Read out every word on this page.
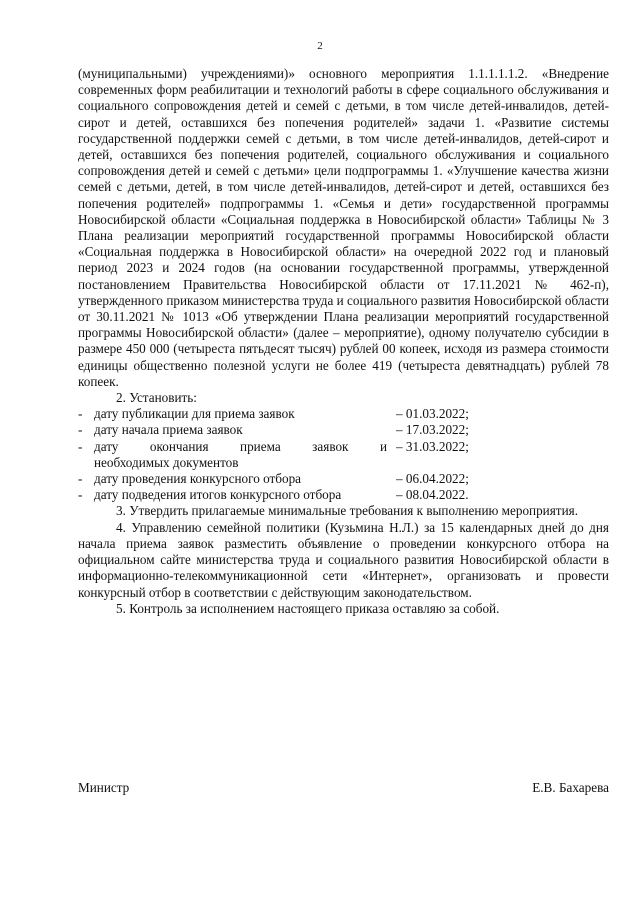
2

(муниципальными) учреждениями)» основного мероприятия 1.1.1.1.1.2. «Внедрение современных форм реабилитации и технологий работы в сфере социального обслуживания и социального сопровождения детей и семей с детьми, в том числе детей-инвалидов, детей-сирот и детей, оставшихся без попечения родителей» задачи 1. «Развитие системы государственной поддержки семей с детьми, в том числе детей-инвалидов, детей-сирот и детей, оставшихся без попечения родителей, социального обслуживания и социального сопровождения детей и семей с детьми» цели подпрограммы 1. «Улучшение качества жизни семей с детьми, детей, в том числе детей-инвалидов, детей-сирот и детей, оставшихся без попечения родителей» подпрограммы 1. «Семья и дети» государственной программы Новосибирской области «Социальная поддержка в Новосибирской области» Таблицы № 3 Плана реализации мероприятий государственной программы Новосибирской области «Социальная поддержка в Новосибирской области» на очередной 2022 год и плановый период 2023 и 2024 годов (на основании государственной программы, утвержденной постановлением Правительства Новосибирской области от 17.11.2021 № 462-п), утвержденного приказом министерства труда и социального развития Новосибирской области от 30.11.2021 № 1013 «Об утверждении Плана реализации мероприятий государственной программы Новосибирской области» (далее – мероприятие), одному получателю субсидии в размере 450 000 (четыреста пятьдесят тысяч) рублей 00 копеек, исходя из размера стоимости единицы общественно полезной услуги не более 419 (четыреста девятнадцать) рублей 78 копеек.

2. Установить:

- дату публикации для приема заявок	– 01.03.2022;
- дату начала приема заявок	– 17.03.2022;
- дату окончания приема заявок и – 31.03.2022;
необходимых документов
- дату проведения конкурсного отбора	– 06.04.2022;
- дату подведения итогов конкурсного отбора	– 08.04.2022.

3. Утвердить прилагаемые минимальные требования к выполнению мероприятия.

4. Управлению семейной политики (Кузьмина Н.Л.) за 15 календарных дней до дня начала приема заявок разместить объявление о проведении конкурсного отбора на официальном сайте министерства труда и социального развития Новосибирской области в информационно-телекоммуникационной сети «Интернет», организовать и провести конкурсный отбор в соответствии с действующим законодательством.

5. Контроль за исполнением настоящего приказа оставляю за собой.

Министр	Е.В. Бахарева
